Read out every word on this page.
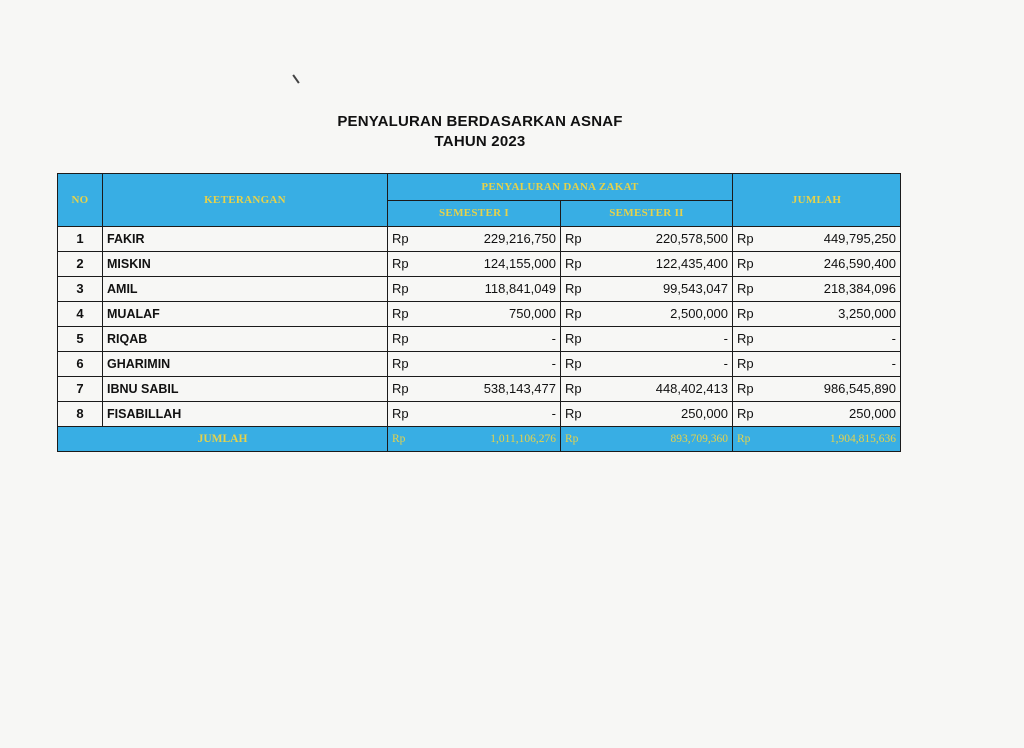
PENYALURAN BERDASARKAN ASNAF
TAHUN 2023
NO	KETERANGAN	PENYALURAN DANA ZAKAT				JUMLAH	
		SEMESTER I		SEMESTER II			
1	FAKIR	Rp	229,216,750	Rp	220,578,500	Rp	449,795,250
2	MISKIN	Rp	124,155,000	Rp	122,435,400	Rp	246,590,400
3	AMIL	Rp	118,841,049	Rp	99,543,047	Rp	218,384,096
4	MUALAF	Rp	750,000	Rp	2,500,000	Rp	3,250,000
5	RIQAB	Rp	-	Rp	-	Rp	-
6	GHARIMIN	Rp	-	Rp	-	Rp	-
7	IBNU SABIL	Rp	538,143,477	Rp	448,402,413	Rp	986,545,890
8	FISABILLAH	Rp	-	Rp	250,000	Rp	250,000
JUMLAH		Rp	1,011,106,276	Rp	893,709,360	Rp	1,904,815,636
